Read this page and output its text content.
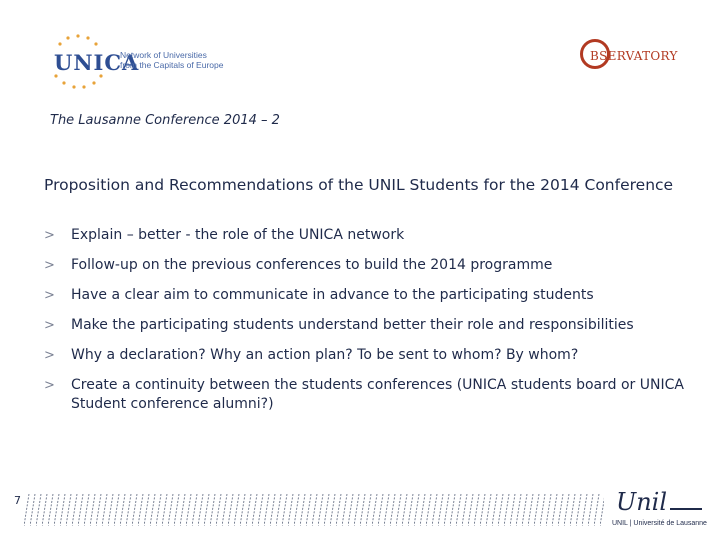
UNICA
Network of Universities
from the Capitals of Europe
BSERVATORY
The Lausanne Conference 2014 – 2
Proposition and Recommendations of the UNIL Students for the 2014 Conference
> Explain – better - the role of the UNICA network
> Follow-up on the previous conferences to build the 2014 programme
> Have a clear aim to communicate in advance to the participating students
> Make the participating students understand better their role and responsibilities
> Why a declaration? Why an action plan? To be sent to whom? By whom?
> Create a continuity between the students conferences (UNICA students board or UNICA Student conference alumni?)
7	Unil
UNIL | Université de Lausanne
